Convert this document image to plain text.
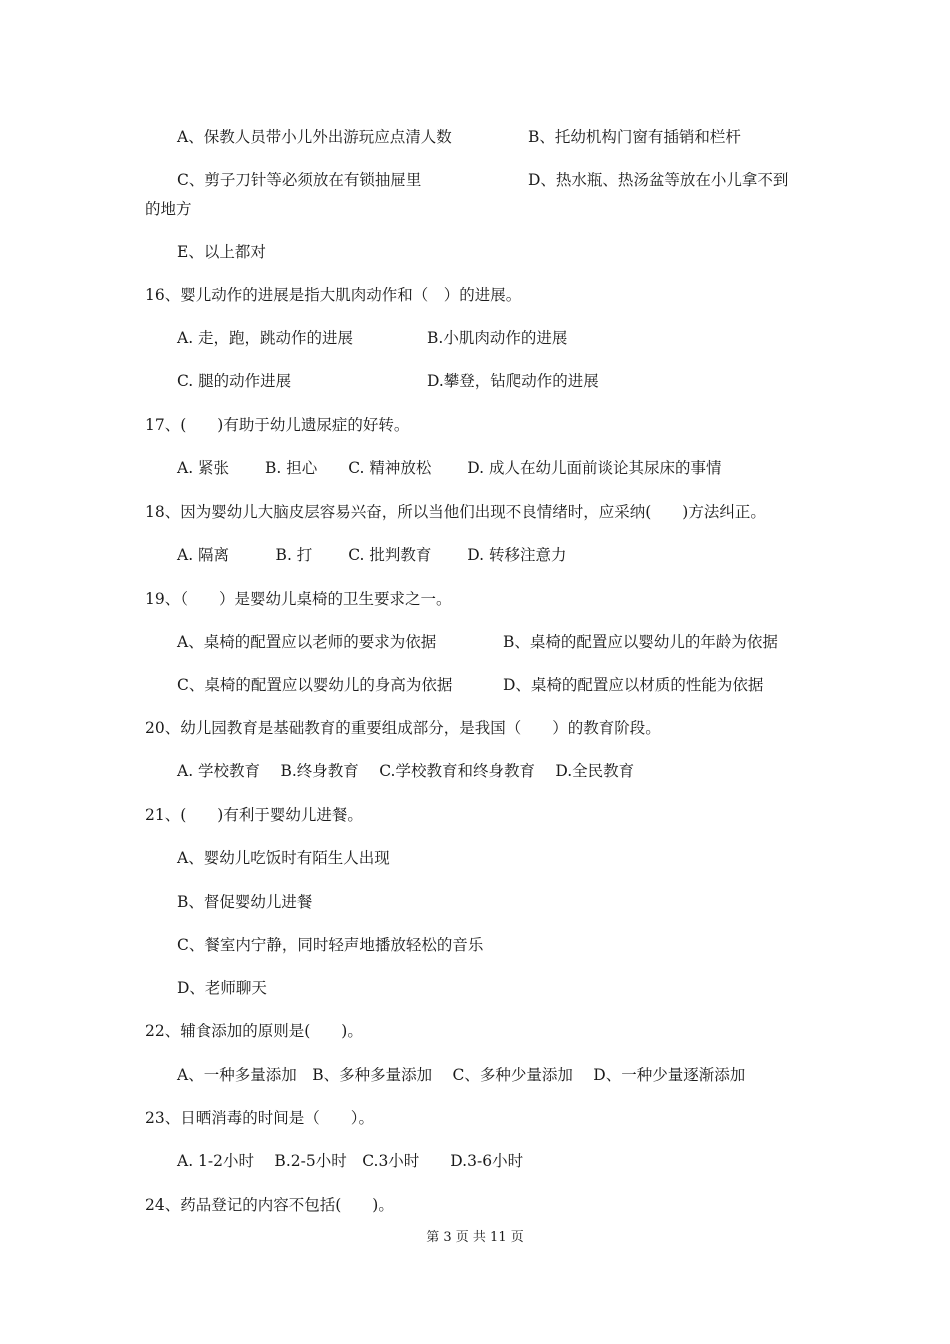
A、保教人员带小儿外出游玩应点清人数	B、托幼机构门窗有插销和栏杆
C、剪子刀针等必须放在有锁抽屉里	D、热水瓶、热汤盆等放在小儿拿不到
的地方
E、以上都对
16、婴儿动作的进展是指大肌肉动作和（　）的进展。
A. 走，跑，跳动作的进展	B.小肌肉动作的进展
C. 腿的动作进展	D.攀登，钻爬动作的进展
17、(　　)有助于幼儿遗尿症的好转。
A. 紧张　　 B. 担心　　C. 精神放松　　 D. 成人在幼儿面前谈论其尿床的事情
18、因为婴幼儿大脑皮层容易兴奋，所以当他们出现不良情绪时，应采纳(　　)方法纠正。
A. 隔离　　　B. 打　　 C. 批判教育　　 D. 转移注意力
19、（　　）是婴幼儿桌椅的卫生要求之一。
A、桌椅的配置应以老师的要求为依据	B、桌椅的配置应以婴幼儿的年龄为依据
C、桌椅的配置应以婴幼儿的身高为依据	D、桌椅的配置应以材质的性能为依据
20、幼儿园教育是基础教育的重要组成部分，是我国（　　）的教育阶段。
A. 学校教育　 B.终身教育　 C.学校教育和终身教育　 D.全民教育
21、(　　)有利于婴幼儿进餐。
A、婴幼儿吃饭时有陌生人出现
B、督促婴幼儿进餐
C、餐室内宁静，同时轻声地播放轻松的音乐
D、老师聊天
22、辅食添加的原则是(　　)。
A、一种多量添加　B、多种多量添加　 C、多种少量添加　 D、一种少量逐渐添加
23、日晒消毒的时间是（　　）。
A. 1-2小时　 B.2-5小时　C.3小时　　D.3-6小时
24、药品登记的内容不包括(　　)。
第 3 页 共 11 页
